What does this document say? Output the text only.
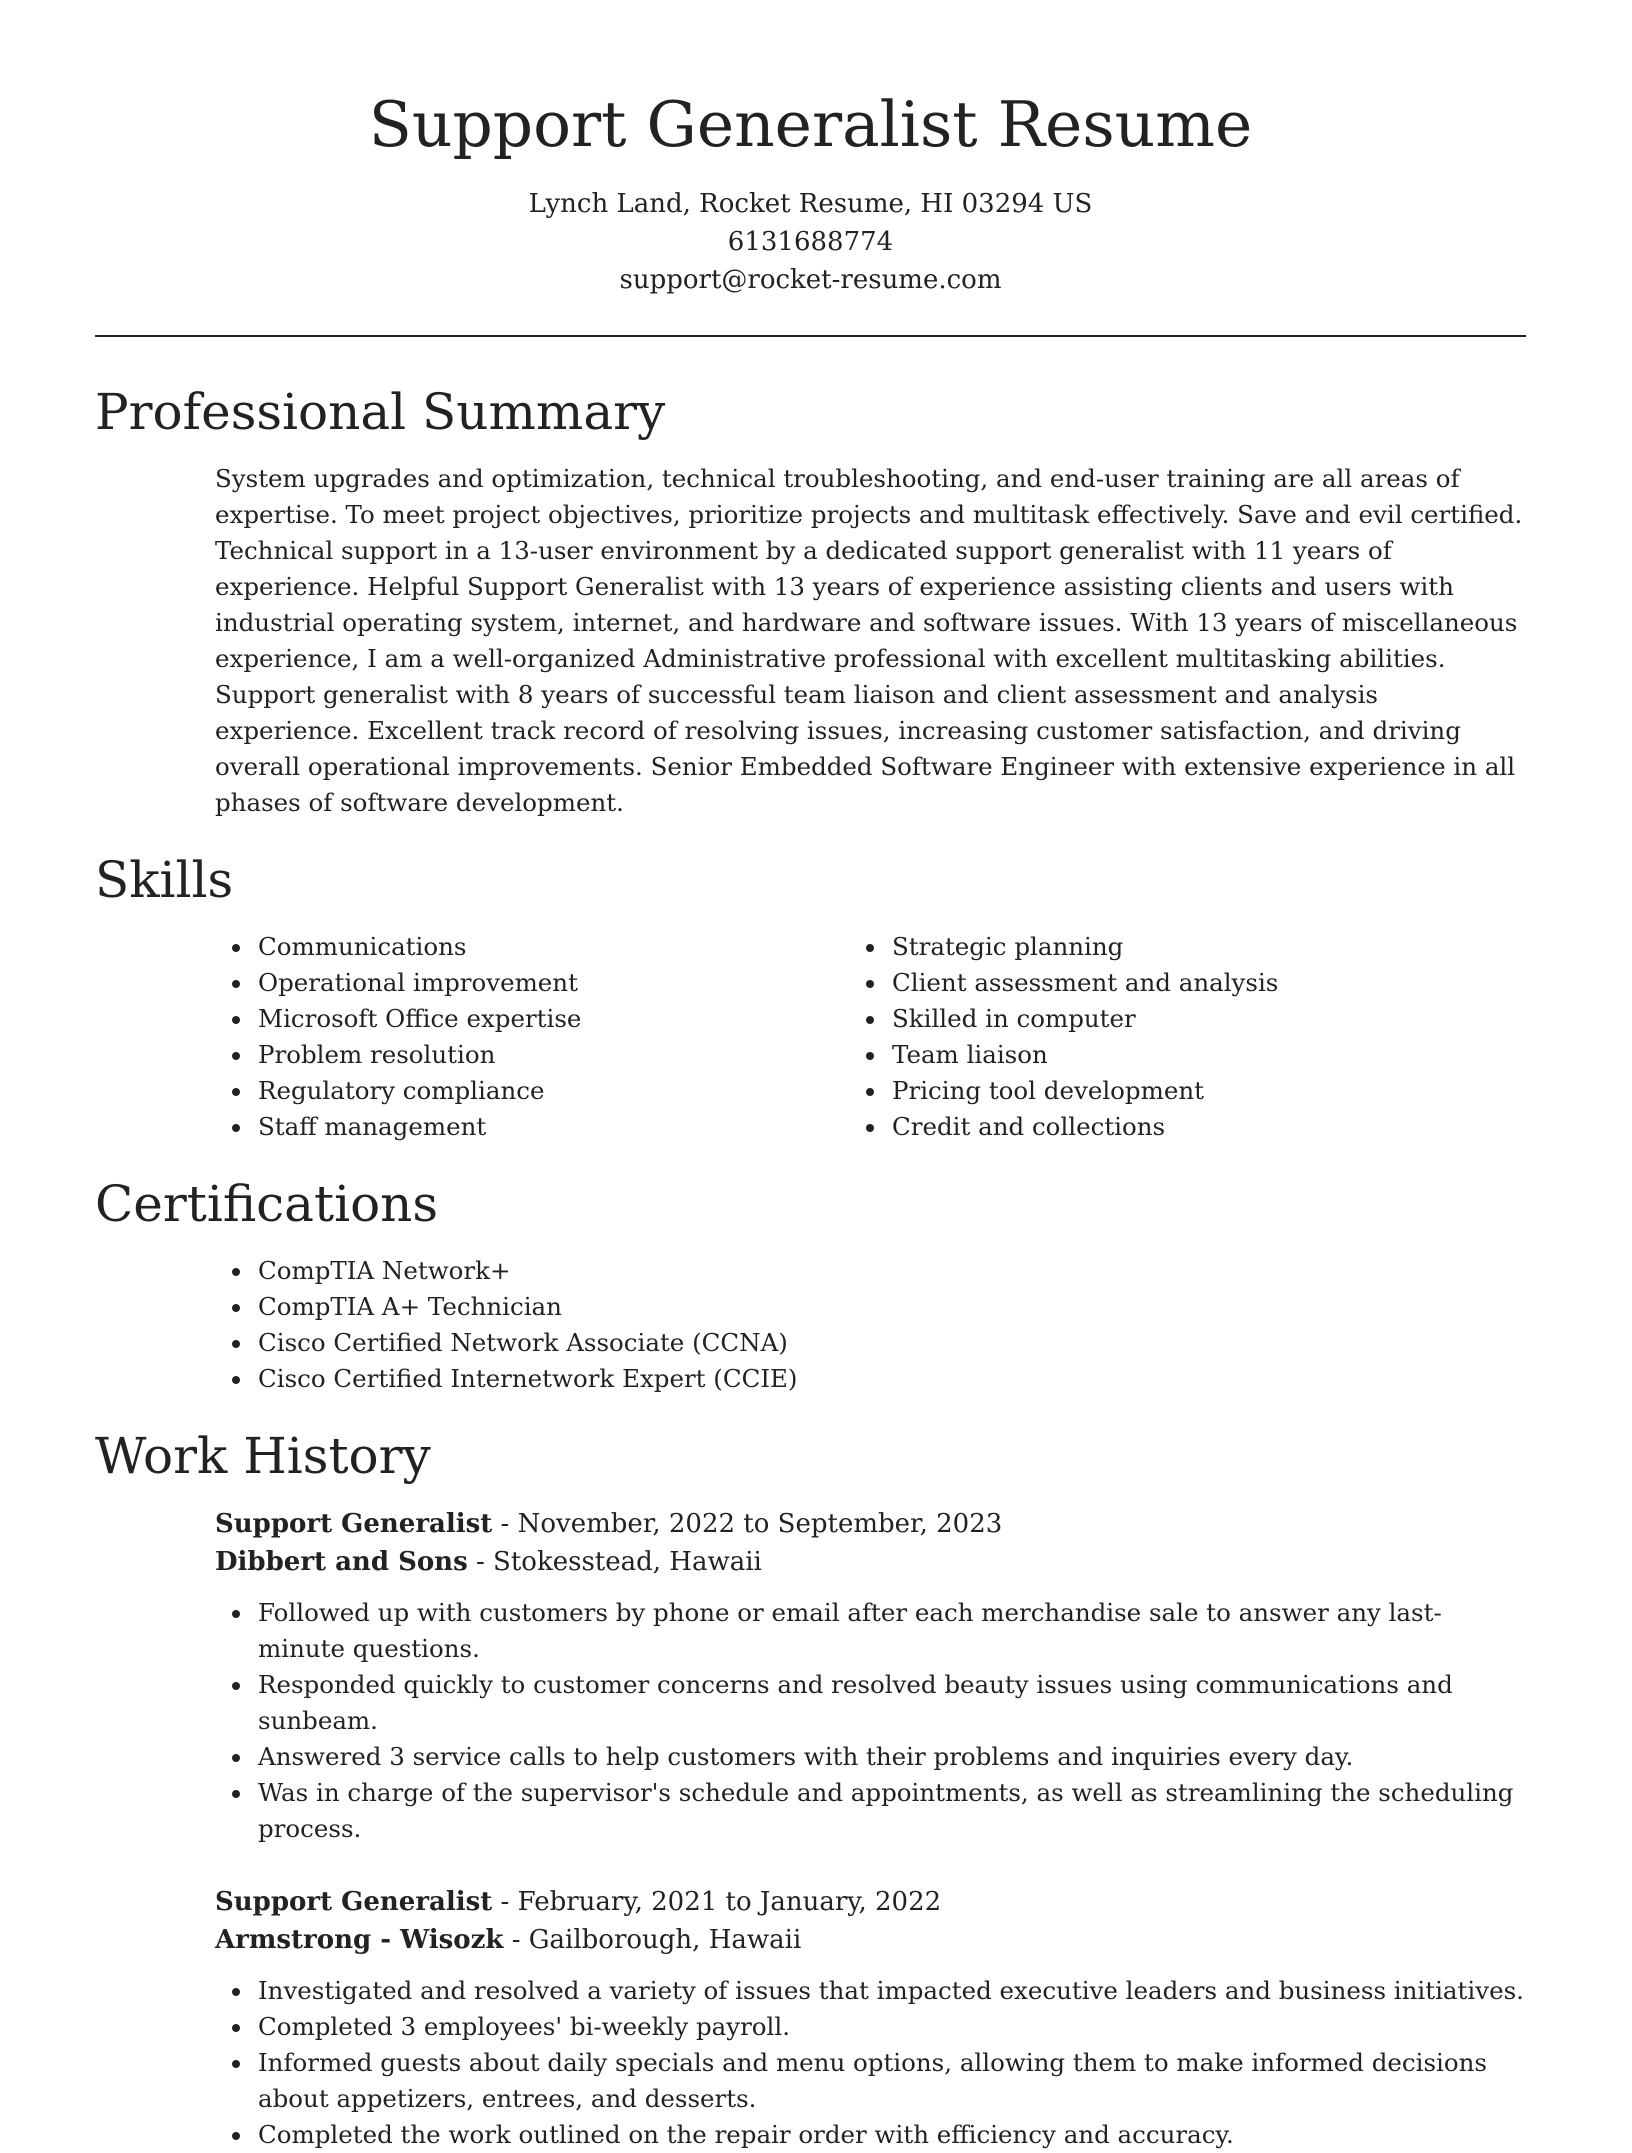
Support Generalist Resume
Lynch Land, Rocket Resume, HI 03294 US
6131688774
support@rocket-resume.com
Professional Summary
System upgrades and optimization, technical troubleshooting, and end-user training are all areas of expertise. To meet project objectives, prioritize projects and multitask effectively. Save and evil certified. Technical support in a 13-user environment by a dedicated support generalist with 11 years of experience. Helpful Support Generalist with 13 years of experience assisting clients and users with industrial operating system, internet, and hardware and software issues. With 13 years of miscellaneous experience, I am a well-organized Administrative professional with excellent multitasking abilities. Support generalist with 8 years of successful team liaison and client assessment and analysis experience. Excellent track record of resolving issues, increasing customer satisfaction, and driving overall operational improvements. Senior Embedded Software Engineer with extensive experience in all phases of software development.
Skills
Communications
Operational improvement
Microsoft Office expertise
Problem resolution
Regulatory compliance
Staff management
Strategic planning
Client assessment and analysis
Skilled in computer
Team liaison
Pricing tool development
Credit and collections
Certifications
CompTIA Network+
CompTIA A+ Technician
Cisco Certified Network Associate (CCNA)
Cisco Certified Internetwork Expert (CCIE)
Work History
Support Generalist - November, 2022 to September, 2023
Dibbert and Sons - Stokesstead, Hawaii
Followed up with customers by phone or email after each merchandise sale to answer any last-minute questions.
Responded quickly to customer concerns and resolved beauty issues using communications and sunbeam.
Answered 3 service calls to help customers with their problems and inquiries every day.
Was in charge of the supervisor's schedule and appointments, as well as streamlining the scheduling process.
Support Generalist - February, 2021 to January, 2022
Armstrong - Wisozk - Gailborough, Hawaii
Investigated and resolved a variety of issues that impacted executive leaders and business initiatives.
Completed 3 employees' bi-weekly payroll.
Informed guests about daily specials and menu options, allowing them to make informed decisions about appetizers, entrees, and desserts.
Completed the work outlined on the repair order with efficiency and accuracy.
